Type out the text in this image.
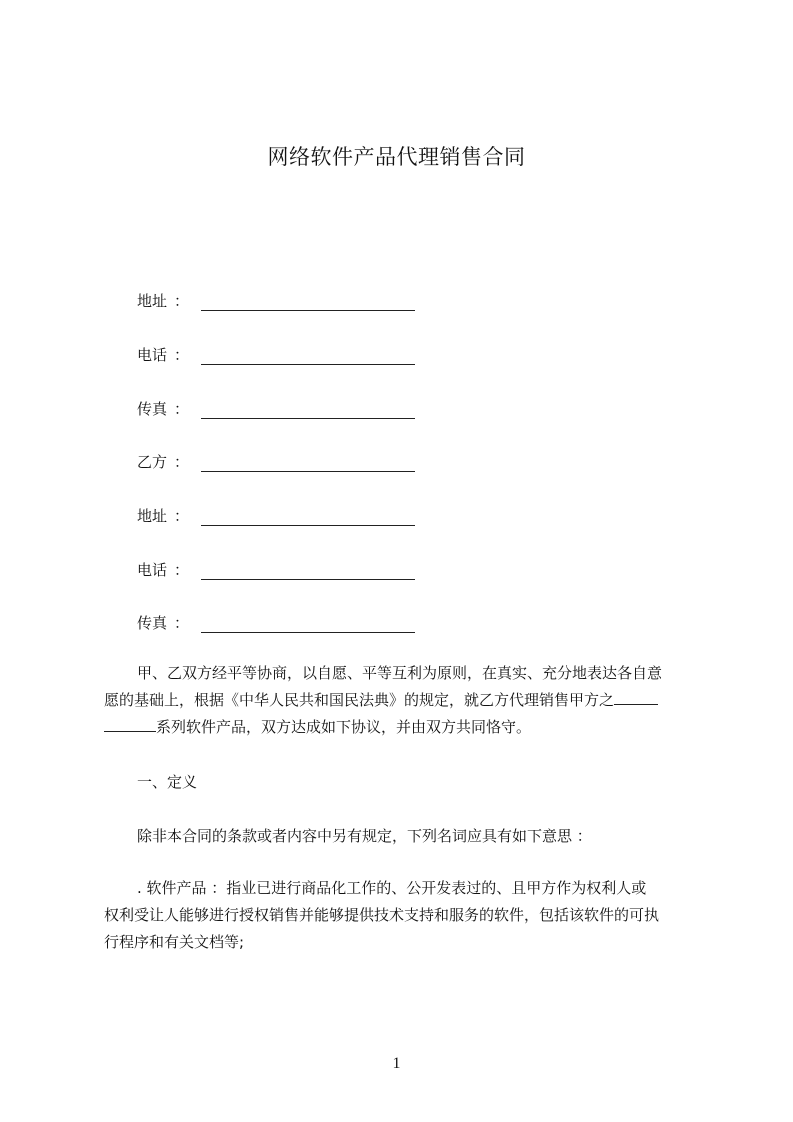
网络软件产品代理销售合同
地址 ：
电话 ：
传真 ：
乙方 ：
地址 ：
电话 ：
传真 ：
甲、乙双方经平等协商，以自愿、平等互利为原则，在真实、充分地表达各自意
愿的基础上，根据《中华人民共和国民法典》的规定，就乙方代理销售甲方之
系列软件产品，双方达成如下协议，并由双方共同恪守。

一、定义

除非本合同的条款或者内容中另有规定，下列名词应具有如下意思 ：

. 软件产品 ：指业已进行商品化工作的、公开发表过的、且甲方作为权利人或
权利受让人能够进行授权销售并能够提供技术支持和服务的软件，包括该软件的可执
行程序和有关文档等;
1
